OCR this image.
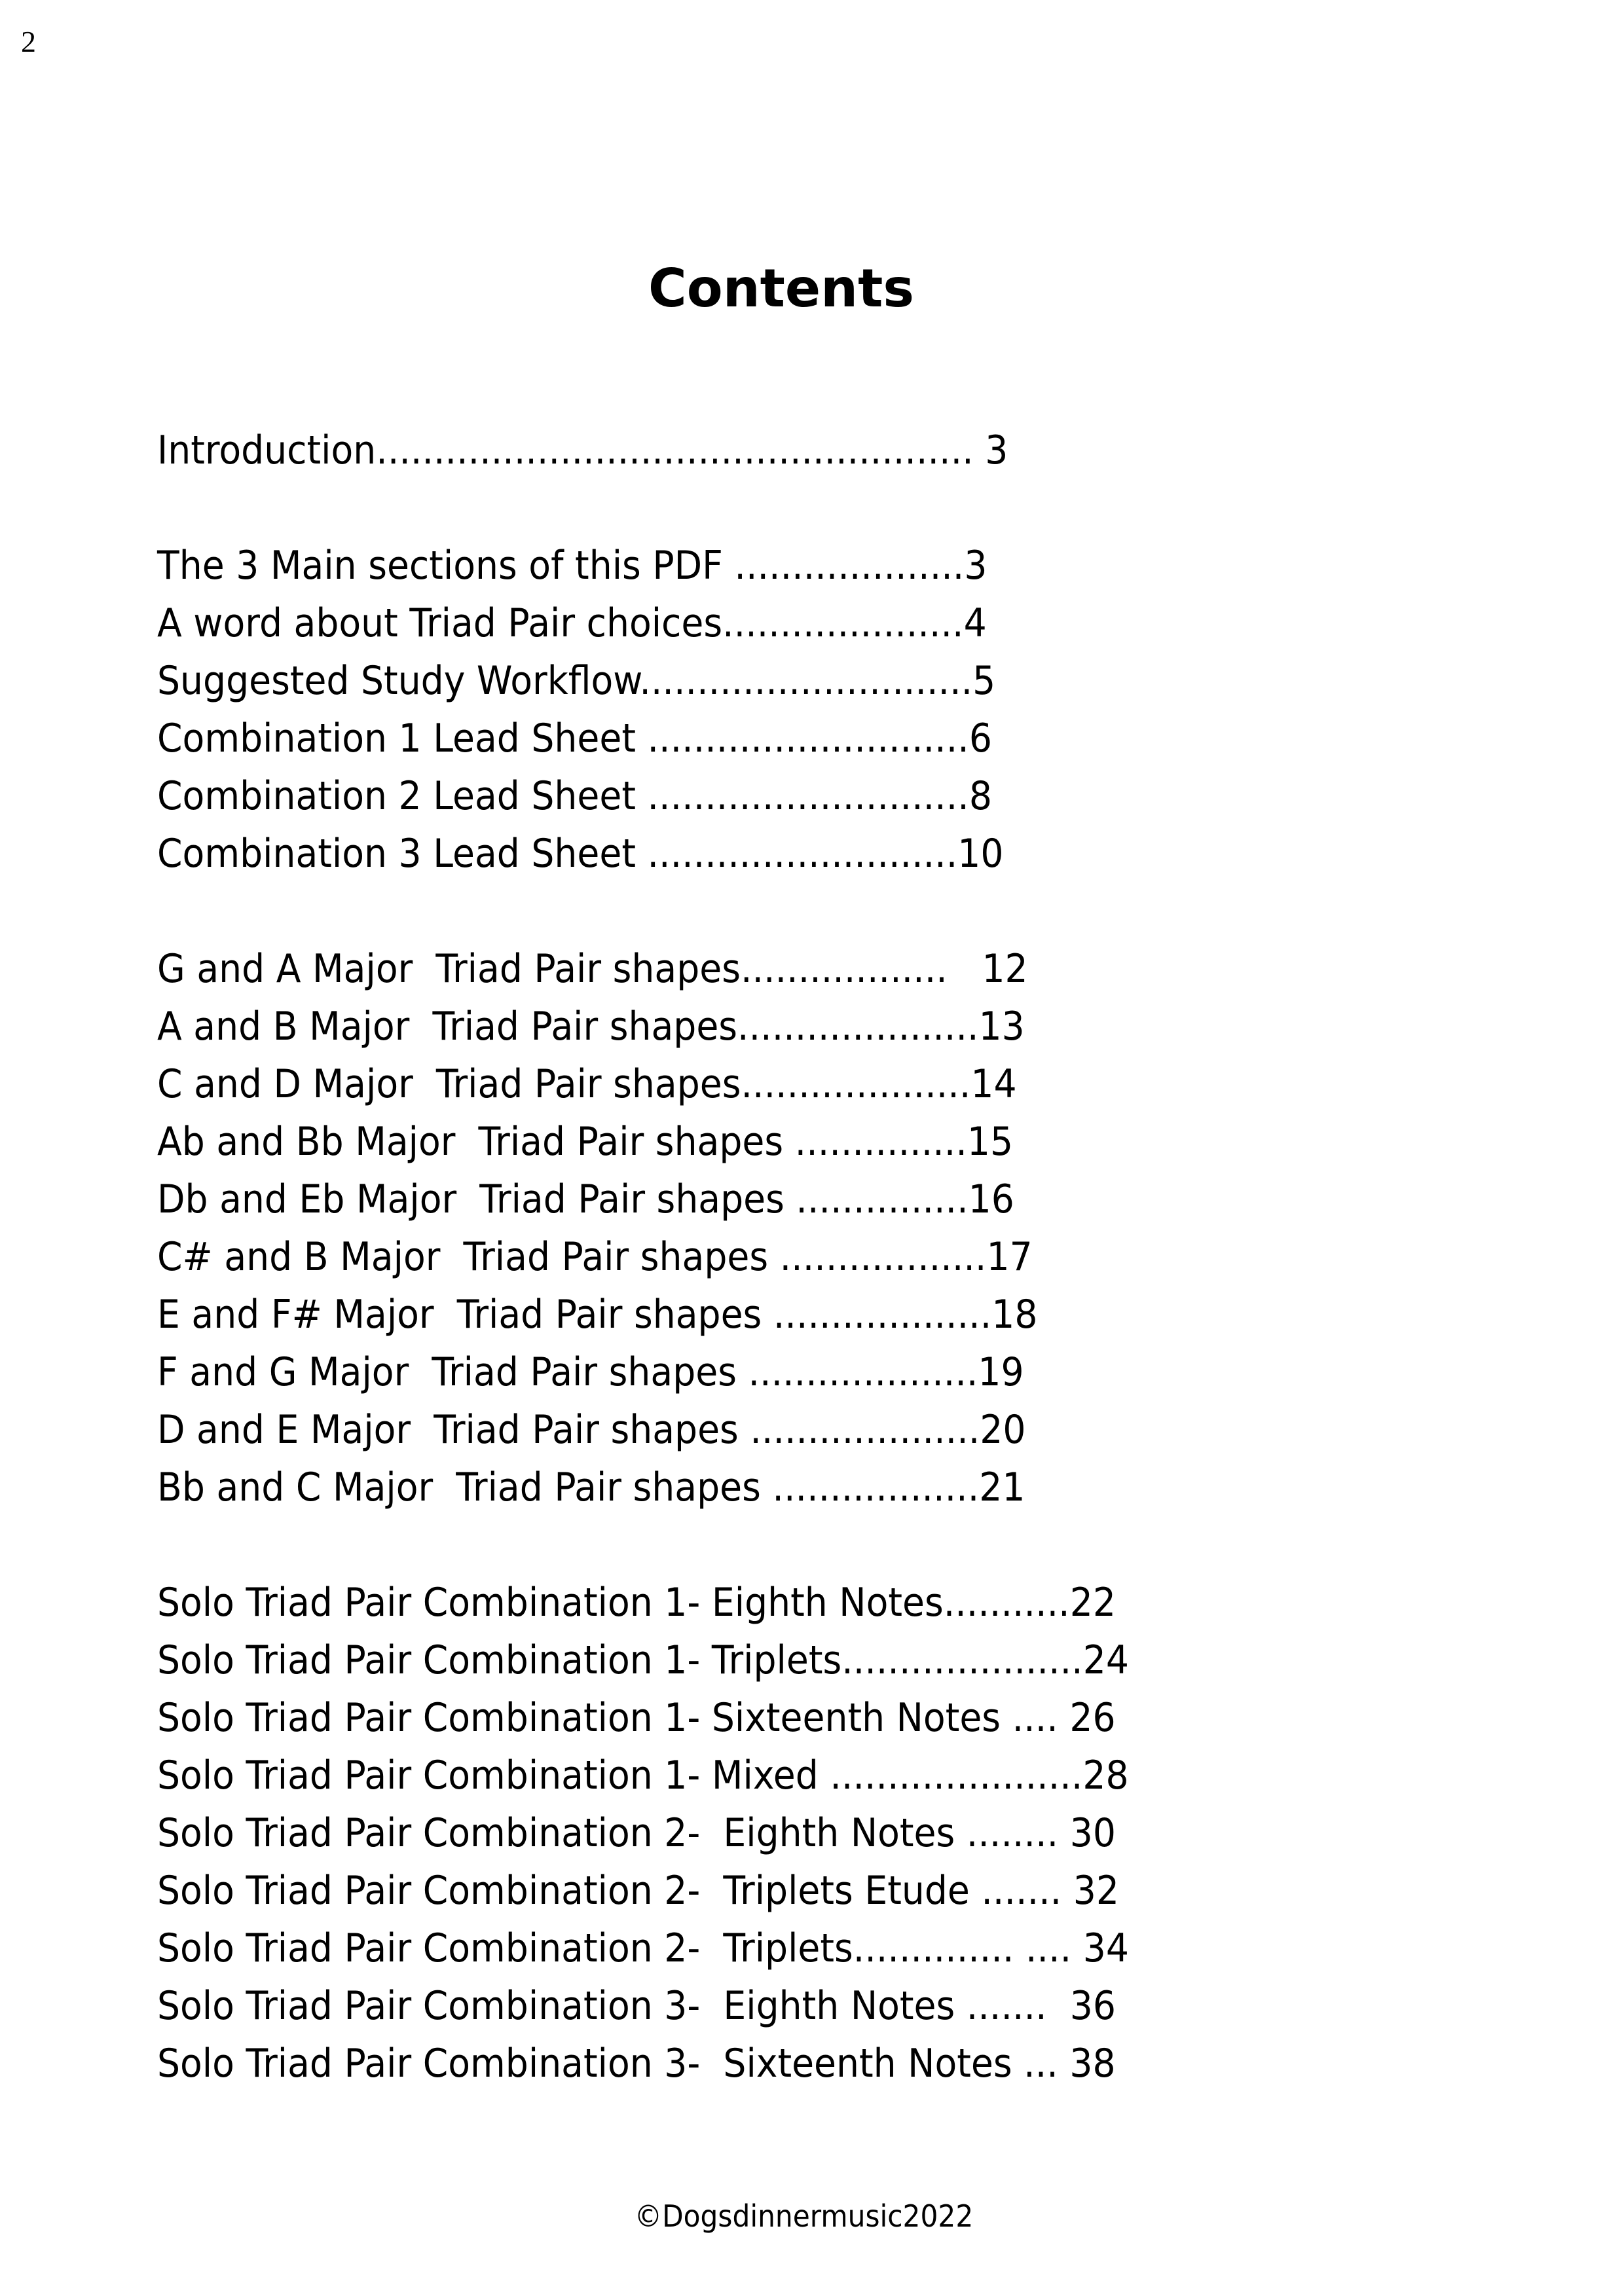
2
Contents

Introduction.................................................... 3

The 3 Main sections of this PDF ....................3

A word about Triad Pair choices.....................4

Suggested Study Workflow.............................5

Combination 1 Lead Sheet ............................6

Combination 2 Lead Sheet ............................8

Combination 3 Lead Sheet ...........................10

G and A Major  Triad Pair shapes..................   12

A and B Major  Triad Pair shapes.....................13

C and D Major  Triad Pair shapes....................14

Ab and Bb Major  Triad Pair shapes ...............15

Db and Eb Major  Triad Pair shapes ...............16

C# and B Major  Triad Pair shapes ..................17

E and F# Major  Triad Pair shapes ...................18

F and G Major  Triad Pair shapes ....................19

D and E Major  Triad Pair shapes ....................20

Bb and C Major  Triad Pair shapes ..................21

Solo Triad Pair Combination 1- Eighth Notes...........22

Solo Triad Pair Combination 1- Triplets.....................24

Solo Triad Pair Combination 1- Sixteenth Notes .... 26

Solo Triad Pair Combination 1- Mixed ......................28

Solo Triad Pair Combination 2-  Eighth Notes ........ 30

Solo Triad Pair Combination 2-  Triplets Etude ....... 32

Solo Triad Pair Combination 2-  Triplets.............. .... 34

Solo Triad Pair Combination 3-  Eighth Notes .......  36

Solo Triad Pair Combination 3-  Sixteenth Notes ... 38

©Dogsdinnermusic2022
